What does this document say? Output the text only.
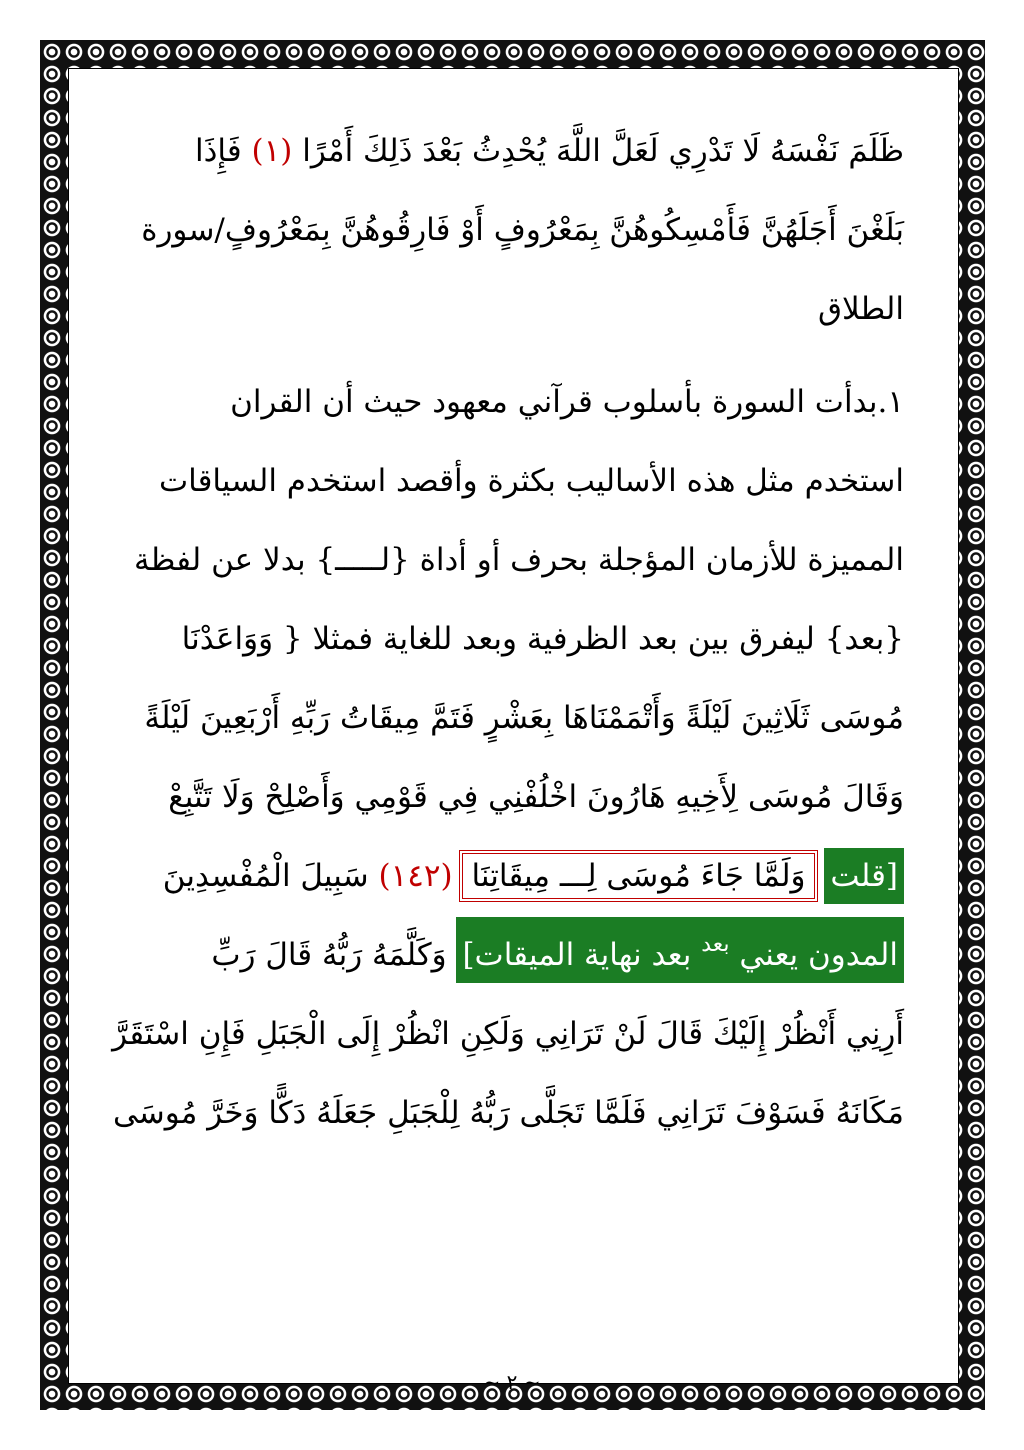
ظَلَمَ نَفْسَهُ لَا تَدْرِي لَعَلَّ اللَّهَ يُحْدِثُ بَعْدَ ذَلِكَ أَمْرًا (١) فَإِذَا
بَلَغْنَ أَجَلَهُنَّ فَأَمْسِكُوهُنَّ بِمَعْرُوفٍ أَوْ فَارِقُوهُنَّ بِمَعْرُوفٍ/سورة
الطلاق
١.بدأت السورة بأسلوب قرآني معهود حيث أن القران
استخدم مثل هذه الأساليب بكثرة وأقصد استخدم السياقات
المميزة للأزمان المؤجلة بحرف أو أداة {لـــــ} بدلا عن لفظة
{بعد} ليفرق بين بعد الظرفية وبعد للغاية فمثلا { وَوَاعَدْنَا
مُوسَى ثَلَاثِينَ لَيْلَةً وَأَتْمَمْنَاهَا بِعَشْرٍ فَتَمَّ مِيقَاتُ رَبِّهِ أَرْبَعِينَ لَيْلَةً
وَقَالَ مُوسَى لِأَخِيهِ هَارُونَ اخْلُفْنِي فِي قَوْمِي وَأَصْلِحْ وَلَا تَتَّبِعْ
[قلت وَلَمَّا جَاءَ مُوسَى لِـــ مِيقَاتِنَا (١٤٢) سَبِيلَ الْمُفْسِدِينَ
المدون يعني $^{بعد}$ بعد نهاية الميقات] وَكَلَّمَهُ رَبُّهُ قَالَ رَبِّ
أَرِنِي أَنْظُرْ إِلَيْكَ قَالَ لَنْ تَرَانِي وَلَكِنِ انْظُرْ إِلَى الْجَبَلِ فَإِنِ اسْتَقَرَّ
مَكَانَهُ فَسَوْفَ تَرَانِي فَلَمَّا تَجَلَّى رَبُّهُ لِلْجَبَلِ جَعَلَهُ دَكًّا وَخَرَّ مُوسَى
~ ٢ ~
